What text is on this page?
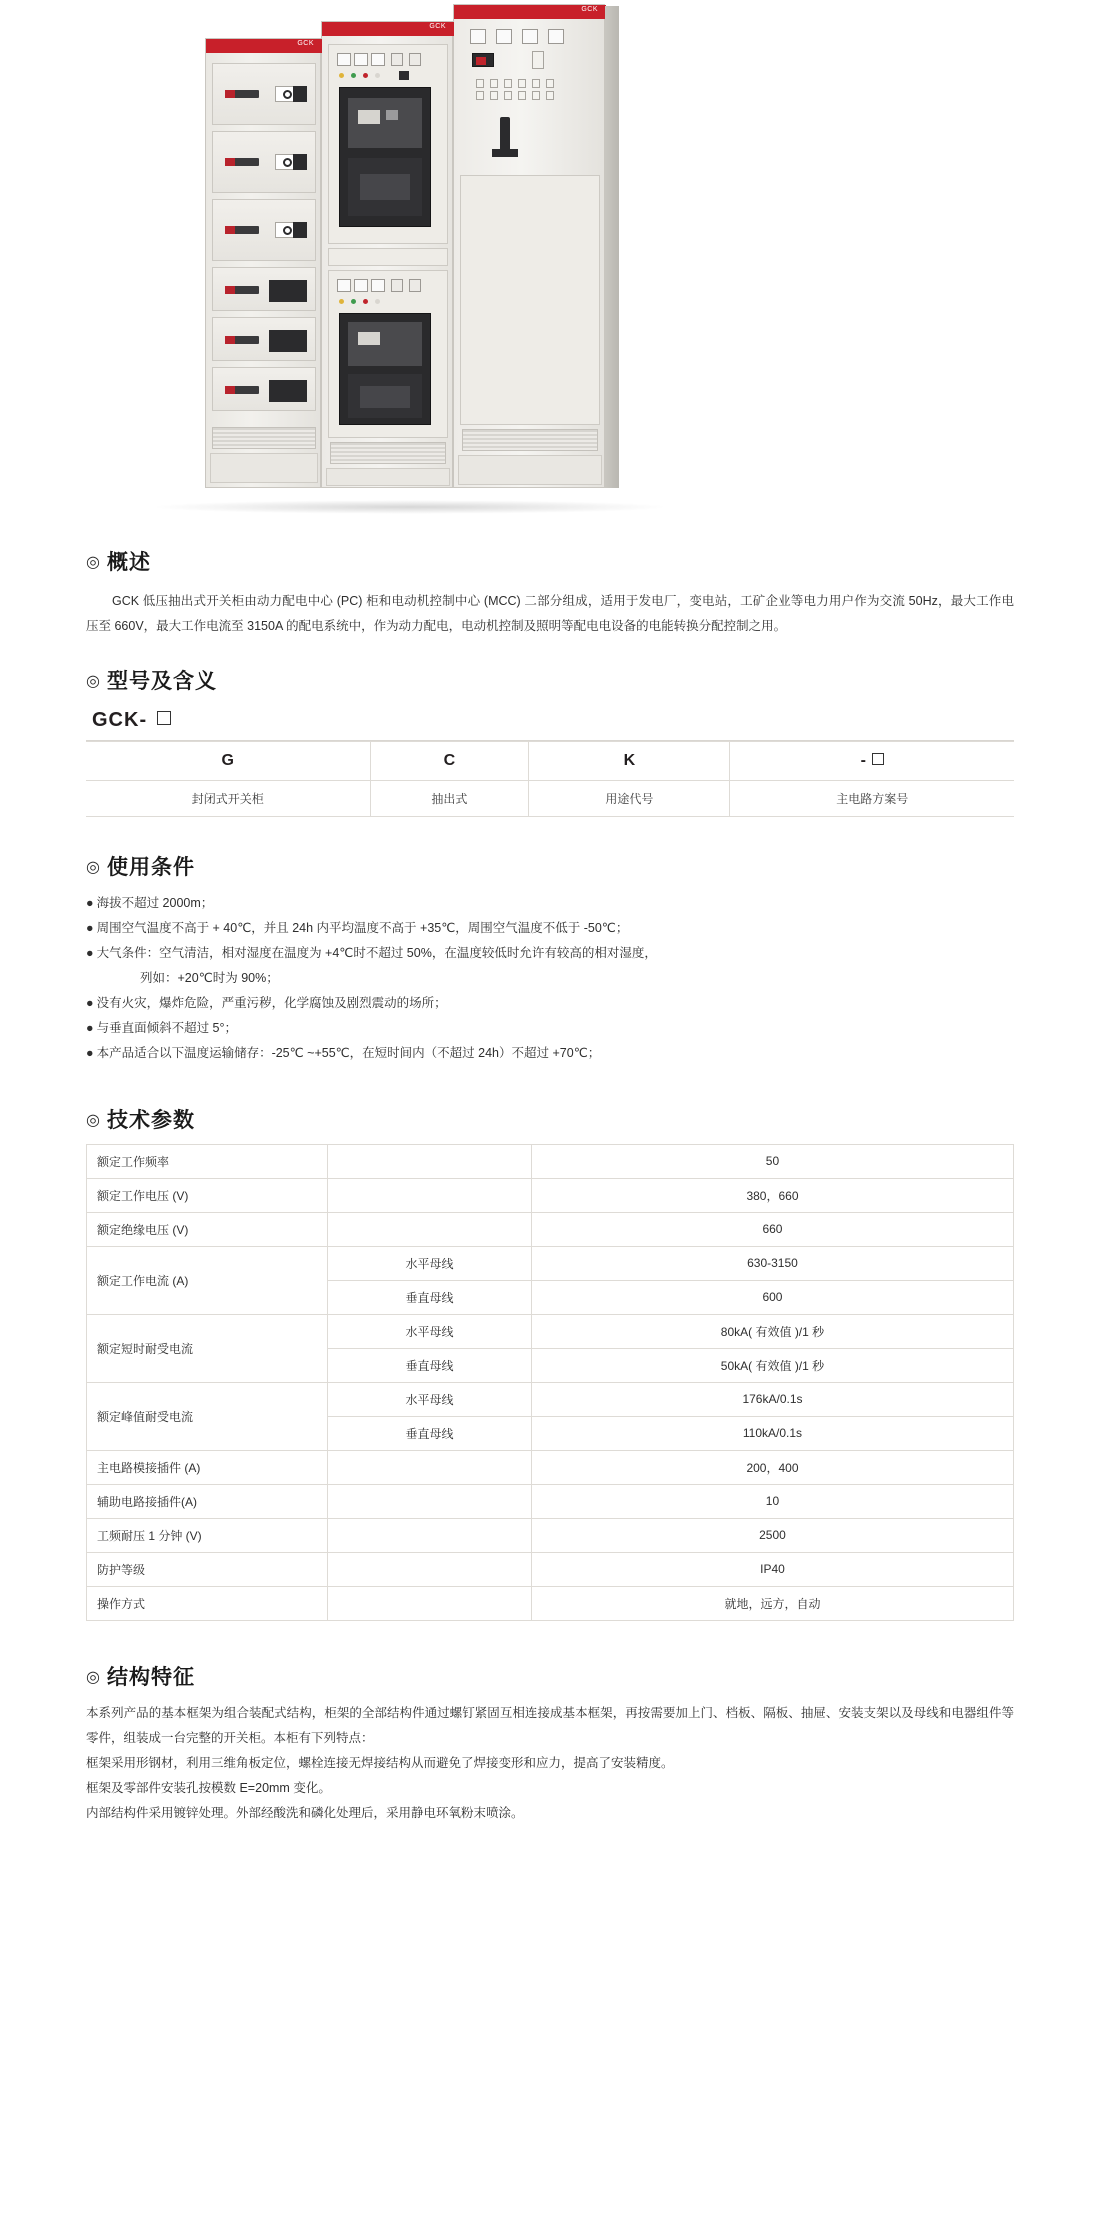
GCK
GCK
GCK
◎ 概述

GCK 低压抽出式开关柜由动力配电中心 (PC) 柜和电动机控制中心 (MCC) 二部分组成，适用于发电厂，变电站，工矿企业等电力用户作为交流 50Hz，最大工作电压至 660V，最大工作电流至 3150A 的配电系统中，作为动力配电，电动机控制及照明等配电电设备的电能转换分配控制之用。

◎ 型号及含义
GCK-
G	C	K	-
封闭式开关柜	抽出式	用途代号	主电路方案号
◎ 使用条件
● 海拔不超过 2000m；
● 周围空气温度不高于 + 40℃，并且 24h 内平均温度不高于 +35℃，周围空气温度不低于 -50℃；
● 大气条件：空气清洁，相对湿度在温度为 +4℃时不超过 50%，在温度较低时允许有较高的相对湿度，
列如：+20℃时为 90%；
● 没有火灾，爆炸危险，严重污秽，化学腐蚀及剧烈震动的场所；
● 与垂直面倾斜不超过 5°；
● 本产品适合以下温度运输储存：-25℃ ~+55℃，在短时间内（不超过 24h）不超过 +70℃；
◎ 技术参数
额定工作频率		50
额定工作电压 (V)		380，660
额定绝缘电压 (V)		660
额定工作电流 (A)	水平母线	630-3150
	垂直母线	600
额定短时耐受电流	水平母线	80kA( 有效值 )/1 秒
	垂直母线	50kA( 有效值 )/1 秒
额定峰值耐受电流	水平母线	176kA/0.1s
	垂直母线	110kA/0.1s
主电路模接插件 (A)		200，400
辅助电路接插件(A)		10
工频耐压 1 分钟 (V)		2500
防护等级		IP40
操作方式		就地，远方，自动
◎ 结构特征

本系列产品的基本框架为组合装配式结构，柜架的全部结构件通过螺钉紧固互相连接成基本框架，再按需要加上门、档板、隔板、抽屉、安装支架以及母线和电器组件等零件，组装成一台完整的开关柜。本柜有下列特点：

框架采用形钢材，利用三维角板定位，螺栓连接无焊接结构从而避免了焊接变形和应力，提高了安装精度。

框架及零部件安装孔按模数 E=20mm 变化。

内部结构件采用镀锌处理。外部经酸洗和磷化处理后，采用静电环氧粉末喷涂。
